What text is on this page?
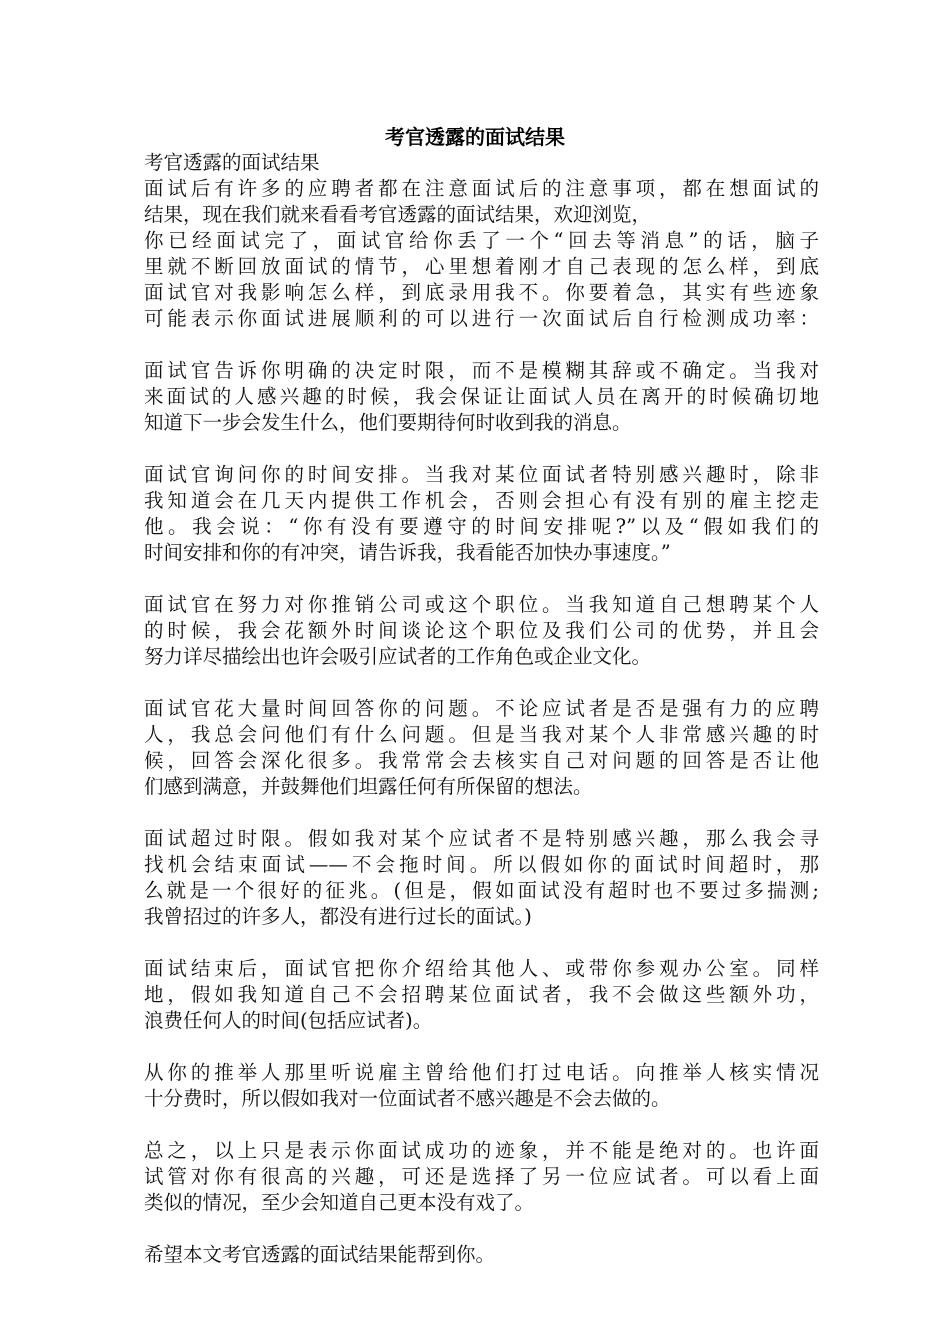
考官透露的面试结果
考官透露的面试结果
面试后有许多的应聘者都在注意面试后的注意事项，都在想面试的
结果，现在我们就来看看考官透露的面试结果，欢迎浏览，
你已经面试完了，面试官给你丢了一个“回去等消息”的话，脑子
里就不断回放面试的情节，心里想着刚才自己表现的怎么样，到底
面试官对我影响怎么样，到底录用我不。你要着急，其实有些迹象
可能表示你面试进展顺利的可以进行一次面试后自行检测成功率：
面试官告诉你明确的决定时限，而不是模糊其辞或不确定。当我对
来面试的人感兴趣的时候，我会保证让面试人员在离开的时候确切地
知道下一步会发生什么，他们要期待何时收到我的消息。
面试官询问你的时间安排。当我对某位面试者特别感兴趣时，除非
我知道会在几天内提供工作机会，否则会担心有没有别的雇主挖走
他。我会说：“你有没有要遵守的时间安排呢?”以及“假如我们的
时间安排和你的有冲突，请告诉我，我看能否加快办事速度。”
面试官在努力对你推销公司或这个职位。当我知道自己想聘某个人
的时候，我会花额外时间谈论这个职位及我们公司的优势，并且会
努力详尽描绘出也许会吸引应试者的工作角色或企业文化。
面试官花大量时间回答你的问题。不论应试者是否是强有力的应聘
人，我总会问他们有什么问题。但是当我对某个人非常感兴趣的时
候，回答会深化很多。我常常会去核实自己对问题的回答是否让他
们感到满意，并鼓舞他们坦露任何有所保留的想法。
面试超过时限。假如我对某个应试者不是特别感兴趣，那么我会寻
找机会结束面试——不会拖时间。所以假如你的面试时间超时，那
么就是一个很好的征兆。(但是，假如面试没有超时也不要过多揣测;
我曾招过的许多人，都没有进行过长的面试。)
面试结束后，面试官把你介绍给其他人、或带你参观办公室。同样
地，假如我知道自己不会招聘某位面试者，我不会做这些额外功，
浪费任何人的时间(包括应试者)。
从你的推举人那里听说雇主曾给他们打过电话。向推举人核实情况
十分费时，所以假如我对一位面试者不感兴趣是不会去做的。
总之，以上只是表示你面试成功的迹象，并不能是绝对的。也许面
试管对你有很高的兴趣，可还是选择了另一位应试者。可以看上面
类似的情况，至少会知道自己更本没有戏了。
希望本文考官透露的面试结果能帮到你。
